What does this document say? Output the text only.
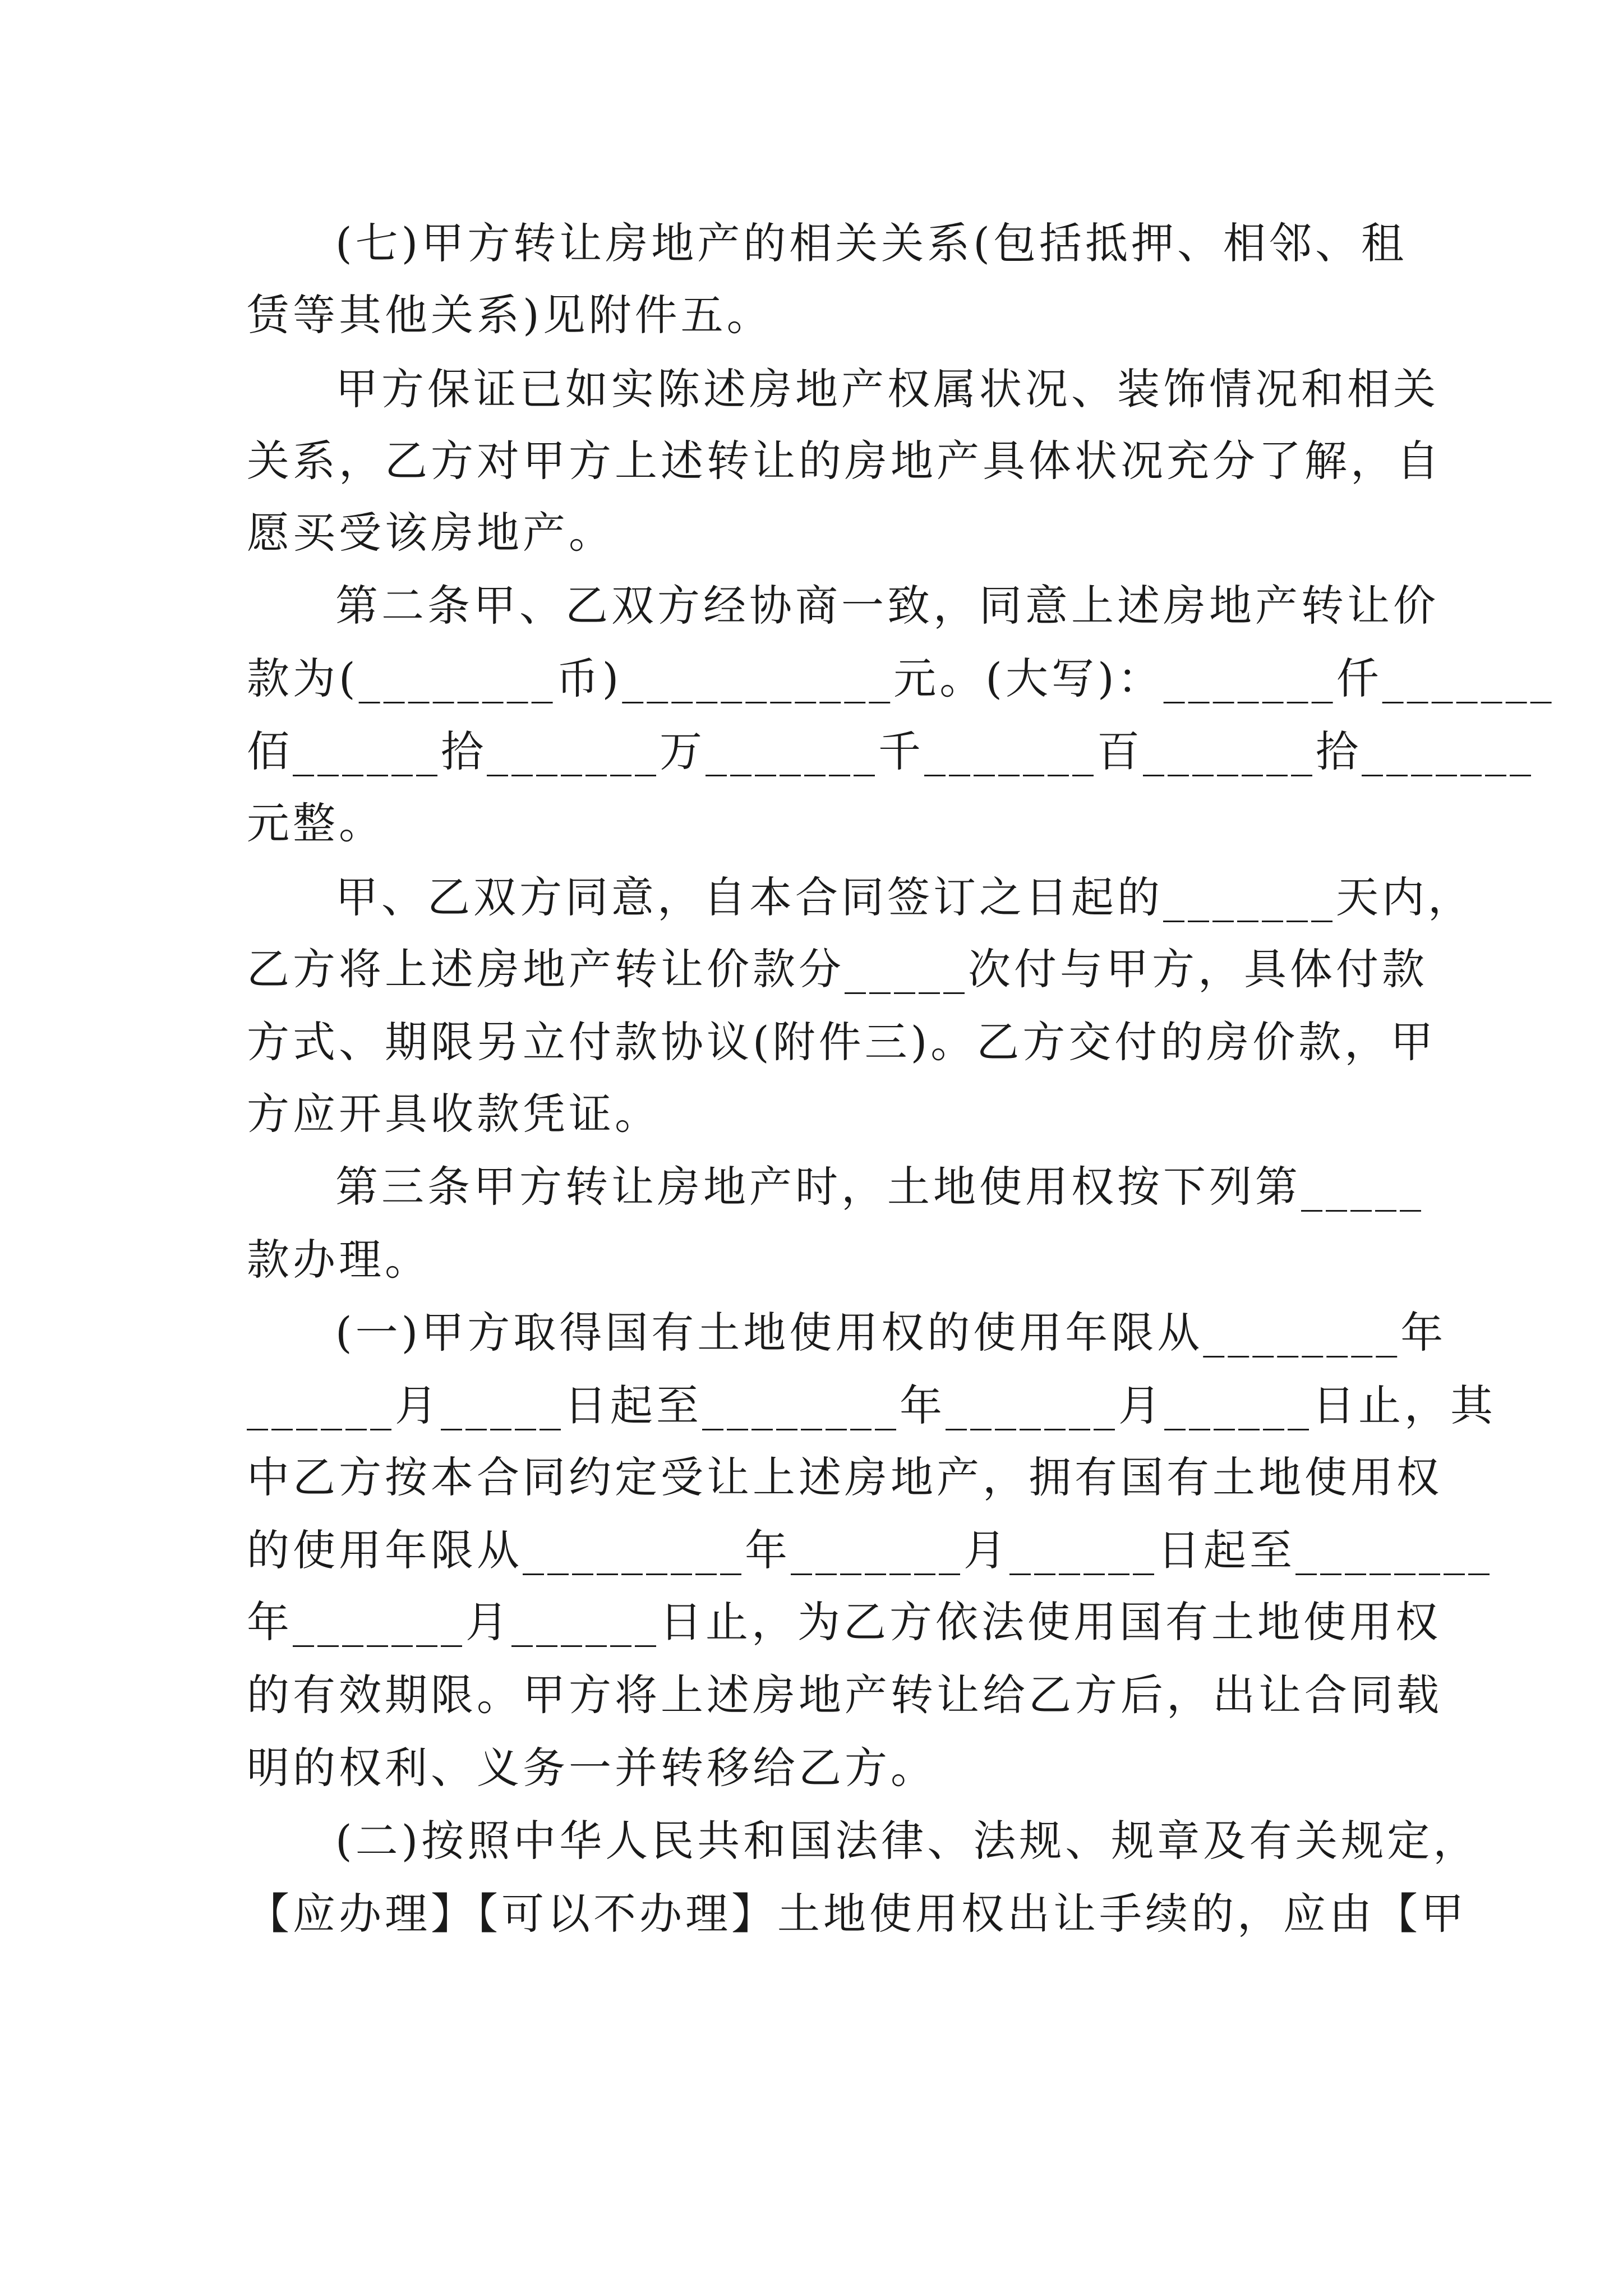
(七)甲方转让房地产的相关关系(包括抵押、相邻、租
赁等其他关系)见附件五。
甲方保证已如实陈述房地产权属状况、装饰情况和相关
关系，乙方对甲方上述转让的房地产具体状况充分了解，自
愿买受该房地产。
第二条甲、乙双方经协商一致，同意上述房地产转让价
款为(________币)___________元。(大写)：_______仟_______
佰______拾_______万_______千_______百_______拾_______
元整。
甲、乙双方同意，自本合同签订之日起的_______天内，
乙方将上述房地产转让价款分_____次付与甲方，具体付款
方式、期限另立付款协议(附件三)。乙方交付的房价款，甲
方应开具收款凭证。
第三条甲方转让房地产时，土地使用权按下列第_____
款办理。
(一)甲方取得国有土地使用权的使用年限从________年
______月_____日起至________年_______月______日止，其
中乙方按本合同约定受让上述房地产，拥有国有土地使用权
的使用年限从_________年_______月______日起至________
年_______月______日止，为乙方依法使用国有土地使用权
的有效期限。甲方将上述房地产转让给乙方后，出让合同载
明的权利、义务一并转移给乙方。
(二)按照中华人民共和国法律、法规、规章及有关规定，
【应办理】【可以不办理】土地使用权出让手续的，应由【甲
